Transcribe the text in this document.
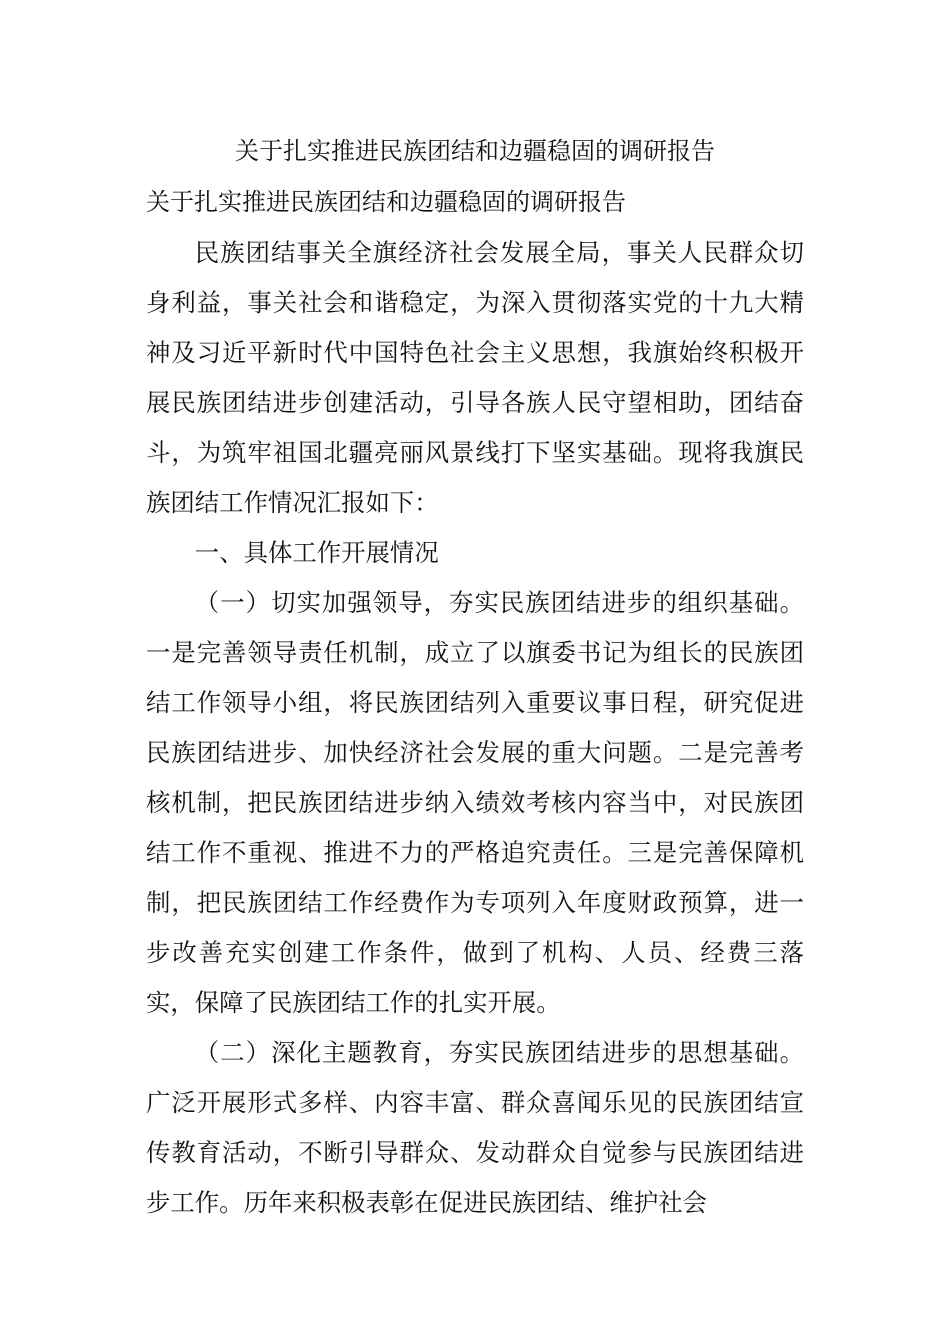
关于扎实推进民族团结和边疆稳固的调研报告
关于扎实推进民族团结和边疆稳固的调研报告

民族团结事关全旗经济社会发展全局，事关人民群众切身利益，事关社会和谐稳定，为深入贯彻落实党的十九大精神及习近平新时代中国特色社会主义思想，我旗始终积极开展民族团结进步创建活动，引导各族人民守望相助，团结奋斗，为筑牢祖国北疆亮丽风景线打下坚实基础。现将我旗民族团结工作情况汇报如下：

一、具体工作开展情况

（一）切实加强领导，夯实民族团结进步的组织基础。一是完善领导责任机制，成立了以旗委书记为组长的民族团结工作领导小组，将民族团结列入重要议事日程，研究促进民族团结进步、加快经济社会发展的重大问题。二是完善考核机制，把民族团结进步纳入绩效考核内容当中，对民族团结工作不重视、推进不力的严格追究责任。三是完善保障机制，把民族团结工作经费作为专项列入年度财政预算，进一步改善充实创建工作条件，做到了机构、人员、经费三落实，保障了民族团结工作的扎实开展。

（二）深化主题教育，夯实民族团结进步的思想基础。广泛开展形式多样、内容丰富、群众喜闻乐见的民族团结宣传教育活动，不断引导群众、发动群众自觉参与民族团结进步工作。历年来积极表彰在促进民族团结、维护社会
